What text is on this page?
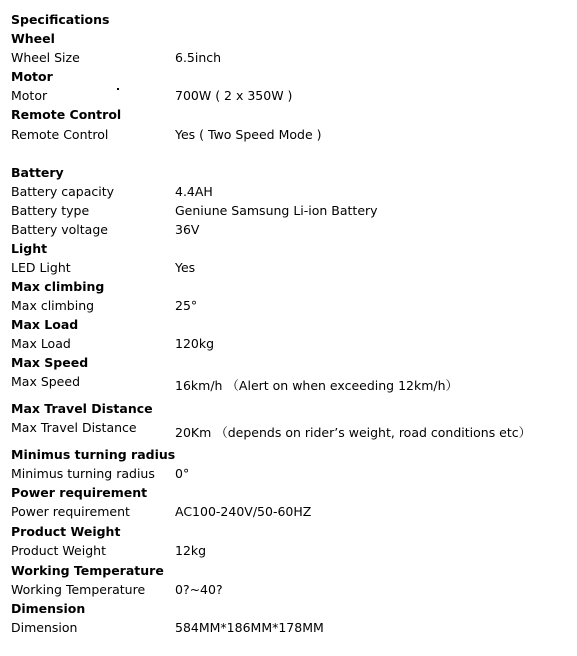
Specifications
Wheel
Wheel Size	6.5inch
Motor
Motor	700W ( 2 x 350W )
Remote Control
Remote Control	Yes ( Two Speed Mode )
Battery
Battery capacity	4.4AH
Battery type	Geniune Samsung Li-ion Battery
Battery voltage	36V
Light
LED Light	Yes
Max climbing
Max climbing	25°
Max Load
Max Load	120kg
Max Speed
Max Speed	16km/h （Alert on when exceeding 12km/h）
Max Travel Distance
Max Travel Distance	20Km （depends on rider’s weight, road conditions etc）
Minimus turning radius
Minimus turning radius 0°
Power requirement
Power requirement	AC100-240V/50-60HZ
Product Weight
Product Weight	12kg
Working Temperature
Working Temperature 0?~40?
Dimension
Dimension	584MM*186MM*178MM
